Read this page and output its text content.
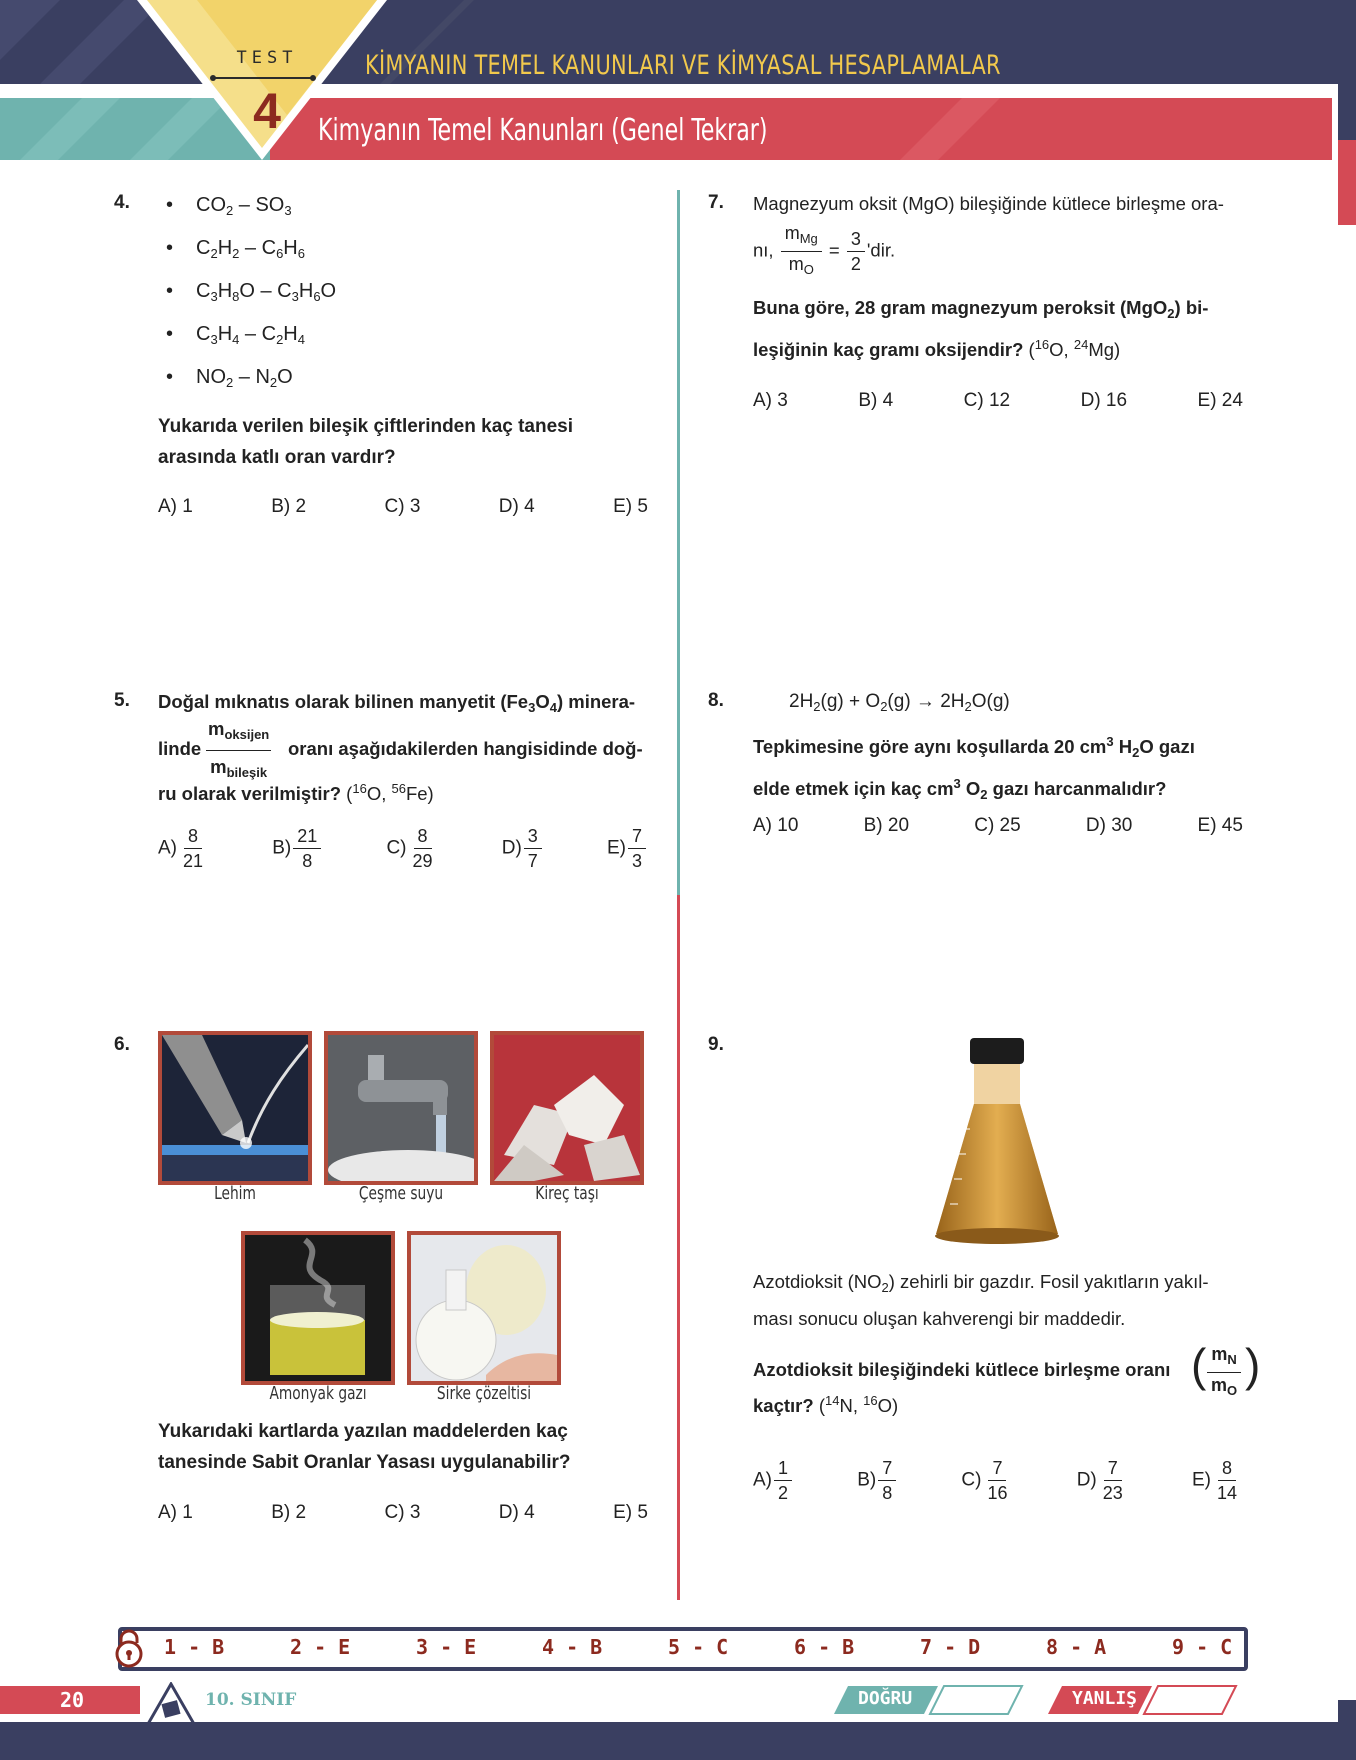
TEST
4
KİMYANIN TEMEL KANUNLARI VE KİMYASAL HESAPLAMALAR
Kimyanın Temel Kanunları (Genel Tekrar)
4. • $CO_2 - SO_3$
• $C_2H_2 - C_6H_6$
• $C_3H_8O - C_3H_6O$
• $C_3H_4 - C_2H_4$
• $NO_2 - N_2O$
Yukarıda verilen bileşik çiftlerinden kaç tanesi arasında katlı oran vardır?
A) 1	B) 2	C) 3	D) 4	E) 5
5. Doğal mıknatıs olarak bilinen manyetit $(Fe_3O_4)$ minera-
linde
$m_{oksijen}$
$m_{bileşik}$
oranı aşağıdakilerden hangisidinde doğ-
ru olarak verilmiştir? ($^{16}$O, $^{56}$Fe)
$A) \frac{8}{21}$	$B) \frac{21}{8}$	$C) \frac{8}{29}$	$D) \frac{3}{7}$	$E) \frac{7}{3}$
6.
Lehim	Çeşme suyu	Kireç taşı
Amonyak gazı	Sirke çözeltisi
Yukarıdaki kartlarda yazılan maddelerden kaç tanesinde Sabit Oranlar Yasası uygulanabilir?
A) 1	B) 2	C) 3	D) 4	E) 5
7. Magnezyum oksit (MgO) bileşiğinde kütlece birleşme ora-
nı, $\frac{m_{Mg}}{m_O} = \frac{3}{2}$ 'dir.
Buna göre, 28 gram magnezyum peroksit (MgO$_2$) bi-
leşiğinin kaç gramı oksijendir? ($^{16}$O, $^{24}$Mg)
A) 3	B) 4	C) 12	D) 16	E) 24
8.	$2H_2(g) + O_2(g) \to 2H_2O(g)$
Tepkimesine göre aynı koşullarda 20 $cm^3$ $H_2O$ gazı
elde etmek için kaç $cm^3$ $O_2$ gazı harcanmalıdır?
A) 10	B) 20	C) 25	D) 30	E) 45
9.
Azotdioksit $(NO_2)$ zehirli bir gazdır. Fosil yakıtların yakıl-
ması sonucu oluşan kahverengi bir maddedir.
Azotdioksit bileşiğindeki kütlece birleşme oranı ( $\frac{m_N}{m_O}$ )
kaçtır? ($^{14}$N, $^{16}$O)
$A) \frac{1}{2}$	$B) \frac{7}{8}$	$C) \frac{7}{16}$	$D) \frac{7}{23}$	$E) \frac{8}{14}$
1 - B	2 - E	3 - E	4 - B	5 - C	6 - B	7 - D	8 - A	9 - C
20	10. SINIF	DOĞRU	YANLIŞ
